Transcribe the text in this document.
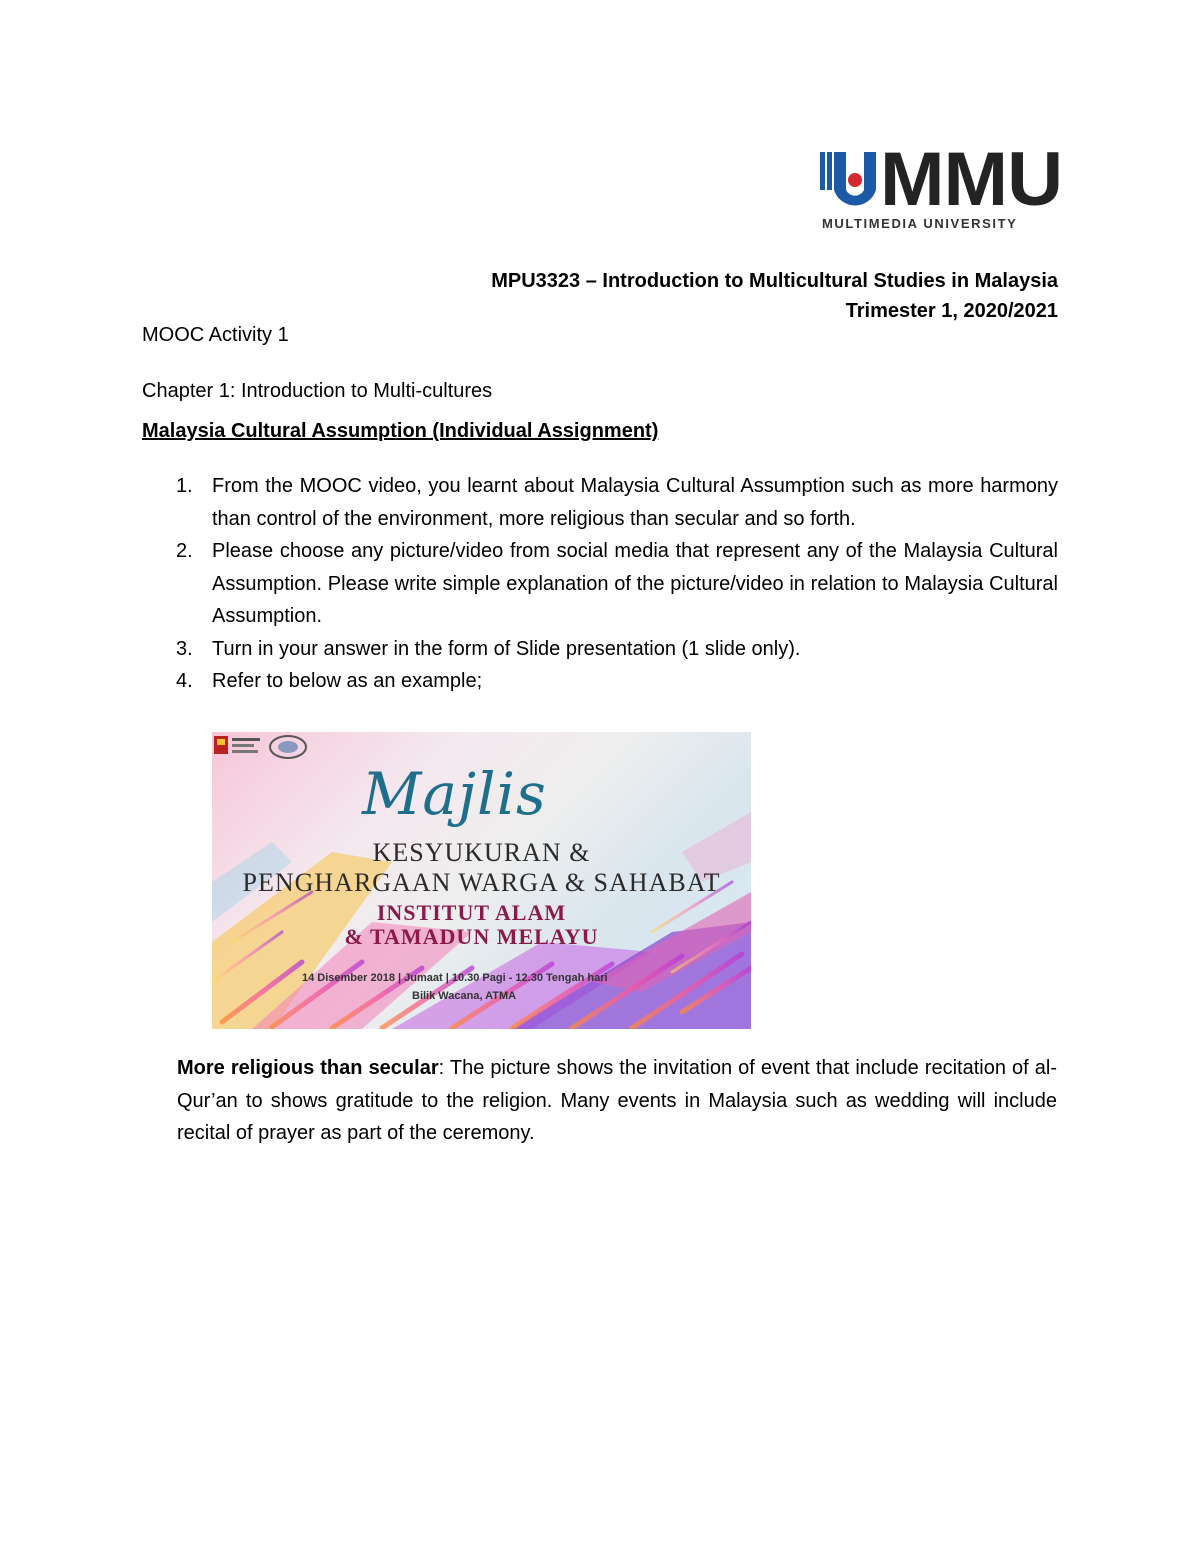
MMU
MULTIMEDIA UNIVERSITY
MPU3323 – Introduction to Multicultural Studies in Malaysia
Trimester 1, 2020/2021
MOOC Activity 1
Chapter 1: Introduction to Multi-cultures
Malaysia Cultural Assumption (Individual Assignment)
1. From the MOOC video, you learnt about Malaysia Cultural Assumption such as more harmony than control of the environment, more religious than secular and so forth.
2. Please choose any picture/video from social media that represent any of the Malaysia Cultural Assumption. Please write simple explanation of the picture/video in relation to Malaysia Cultural Assumption.
3. Turn in your answer in the form of Slide presentation (1 slide only).
4. Refer to below as an example;
Majlis
KESYUKURAN &
PENGHARGAAN WARGA & SAHABAT
INSTITUT ALAM
& TAMADUN MELAYU
14 Disember 2018 | Jumaat | 10.30 Pagi - 12.30 Tengah hari
Bilik Wacana, ATMA
More religious than secular: The picture shows the invitation of event that include recitation of al-Qur’an to shows gratitude to the religion. Many events in Malaysia such as wedding will include recital of prayer as part of the ceremony.
